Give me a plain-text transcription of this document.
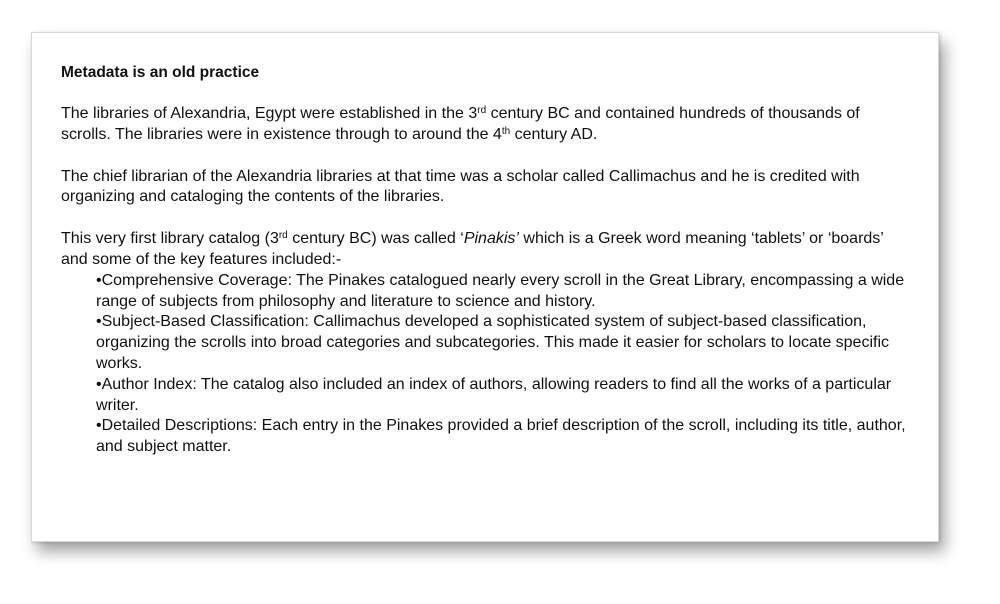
Metadata is an old practice

The libraries of Alexandria, Egypt were established in the 3rd century BC and contained hundreds of thousands of scrolls. The libraries were in existence through to around the 4th century AD.

The chief librarian of the Alexandria libraries at that time was a scholar called Callimachus and he is credited with organizing and cataloging the contents of the libraries.

This very first library catalog (3rd century BC) was called ‘Pinakis’ which is a Greek word meaning ‘tablets’ or ‘boards’ and some of the key features included:-

•Comprehensive Coverage: The Pinakes catalogued nearly every scroll in the Great Library, encompassing a wide range of subjects from philosophy and literature to science and history.
•Subject-Based Classification: Callimachus developed a sophisticated system of subject-based classification, organizing the scrolls into broad categories and subcategories. This made it easier for scholars to locate specific works.
•Author Index: The catalog also included an index of authors, allowing readers to find all the works of a particular writer.
•Detailed Descriptions: Each entry in the Pinakes provided a brief description of the scroll, including its title, author, and subject matter.
